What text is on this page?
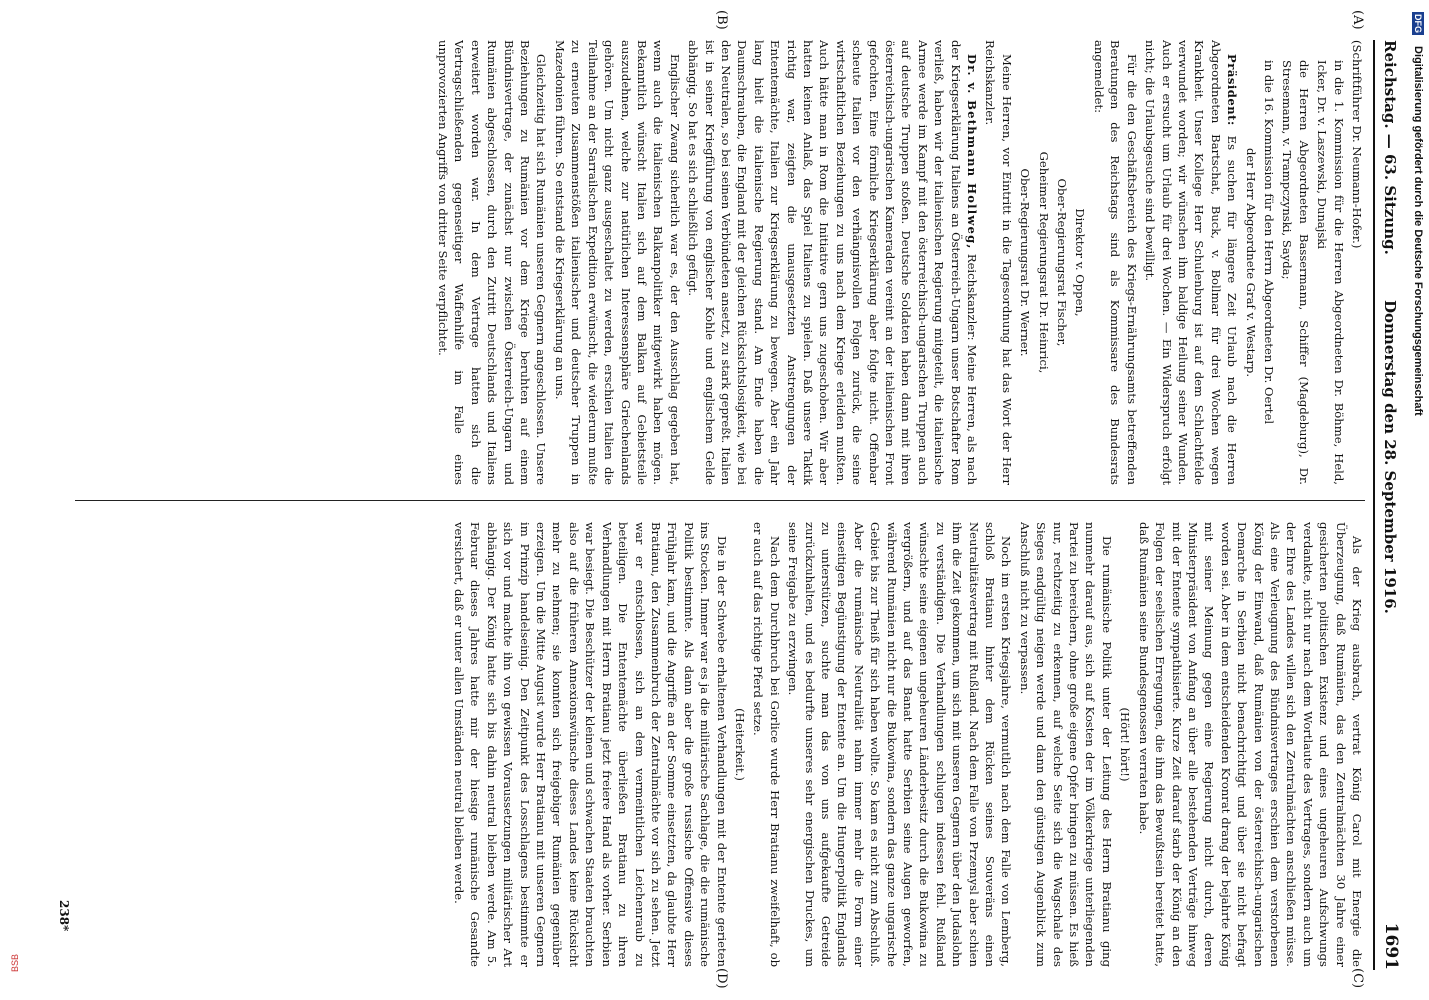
Reichstag. — 63. Sitzung.
Donnerstag den 28. September 1916.
1691
(A)
(B)
(C)
(D)

(Schriftführer Dr. Neumann-Hofer.)

in die 1. Kommission für die Herren Abgeordneten Dr. Böhme, Held, Icker, Dr. v. Laszewski, Dunajski

die Herren Abgeordneten Bassermann, Schiffer (Magdeburg), Dr. Stresemann, v. Trampczynski, Sayda;

in die 16. Kommission für den Herrn Abgeordneten Dr. Oertel

der Herr Abgeordnete Graf v. Westarp.

Präsident: Es suchen für längere Zeit Urlaub nach die Herren Abgeordneten Bartschat, Buck, v. Bollmar für drei Wochen wegen Krankheit. Unser Kollege Herr Schulenburg ist auf dem Schlachtfelde verwundet worden; wir wünschen ihm baldige Heilung seiner Wunden. Auch er ersucht um Urlaub für drei Wochen. — Ein Widerspruch erfolgt nicht; die Urlaubsgesuche sind bewilligt.

Für die den Geschäftsbereich des Kriegs-Ernährungsamts betreffenden Beratungen des Reichstags sind als Kommissare des Bundesrats angemeldet:

Direktor v. Oppen,

Ober-Regierungsrat Fischer,

Geheimer Regierungsrat Dr. Heinrici,

Ober-Regierungsrat Dr. Werner.

Meine Herren, vor Eintritt in die Tagesordnung hat das Wort der Herr Reichskanzler.

Dr. v. Bethmann Hollweg, Reichskanzler: Meine Herren, als nach der Kriegserklärung Italiens an Österreich-Ungarn unser Botschafter Rom verließ, haben wir der italienischen Regierung mitgeteilt, die italienische Armee werde im Kampf mit den österreichisch-ungarischen Truppen auch auf deutsche Truppen stoßen. Deutsche Soldaten haben dann mit ihren österreichisch-ungarischen Kameraden vereint an der italienischen Front gefochten. Eine förmliche Kriegserklärung aber folgte nicht. Offenbar scheute Italien vor den verhängnisvollen Folgen zurück, die seine wirtschaftlichen Beziehungen zu uns nach dem Kriege erleiden mußten. Auch hätte man in Rom die Initiative gern uns zugeschoben. Wir aber hatten keinen Anlaß, das Spiel Italiens zu spielen. Daß unsere Taktik richtig war, zeigten die unausgesetzten Anstrengungen der Ententemächte, Italien zur Kriegserklärung zu bewegen. Aber ein Jahr lang hielt die italienische Regierung stand. Am Ende haben die Daumschrauben, die England mit der gleichen Rücksichtslosigkeit, wie bei den Neutralen, so bei seinen Verbündeten ansetzt, zu stark gepreßt. Italien ist in seiner Kriegführung von englischer Kohle und englischem Gelde abhängig. So hat es sich schließlich gefügt.

Englischer Zwang sicherlich war es, der den Ausschlag gegeben hat, wenn auch die italienischen Balkanpolitiker mitgewirkt haben mögen. Bekanntlich wünscht Italien sich auf dem Balkan auf Gebietsteile auszudehnen, welche zur natürlichen Interessensphäre Griechenlands gehören. Um nicht ganz ausgeschaltet zu werden, erschien Italien die Teilnahme an der Sarrailschen Expedition erwünscht, die wiederum mußte zu erneuten Zusammenstößen italienischer und deutscher Truppen in Mazedonien führen. So entstand die Kriegserklärung an uns.

Gleichzeitig hat sich Rumänien unseren Gegnern angeschlossen. Unsere Beziehungen zu Rumänien vor dem Kriege beruhten auf einem Bündnisvertrage, der zunächst nur zwischen Österreich-Ungarn und Rumänien abgeschlossen, durch den Zutritt Deutschlands und Italiens erweitert worden war. In dem Vertrage hatten sich die Vertragschließenden gegenseitiger Waffenhilfe im Falle eines unprovozierten Angriffs von dritter Seite verpflichtet.

Als der Krieg ausbrach, vertrat König Carol mit Energie die Überzeugung, daß Rumänien, das den Zentralmächten 30 Jahre einer gesicherten politischen Existenz und eines ungeheuren Aufschwungs verdankte, nicht nur nach dem Wortlaute des Vertrages, sondern auch um der Ehre des Landes willen sich den Zentralmächten anschließen müsse. Als eine Verleugnung des Bündnisvertrages erschien dem verstorbenen König der Einwand, daß Rumänien von der österreichisch-ungarischen Demarche in Serbien nicht benachrichtigt und über sie nicht befragt worden sei. Aber in dem entscheidenden Kronrat drang der bejahrte König mit seiner Meinung gegen eine Regierung nicht durch, deren Ministerpräsident von Anfang an über alle bestehenden Verträge hinweg mit der Entente sympathisierte. Kurze Zeit darauf starb der König an den Folgen der seelischen Erregungen, die ihm das Bewußtsein bereitet hatte, daß Rumänien seine Bundesgenossen verraten habe.

(Hört! hört!)

Die rumänische Politik unter der Leitung des Herrn Bratianu ging nunmehr darauf aus, sich auf Kosten der im Völkerkriege unterliegenden Partei zu bereichern, ohne große eigene Opfer bringen zu müssen. Es hieß nur, rechtzeitig zu erkennen, auf welche Seite sich die Wagschale des Sieges endgültig neigen werde und dann den günstigen Augenblick zum Anschluß nicht zu verpassen.

Noch im ersten Kriegsjahre, vermutlich nach dem Falle von Lemberg, schloß Bratianu hinter dem Rücken seines Souveräns einen Neutralitätsvertrag mit Rußland. Nach dem Falle von Przemysl aber schien ihm die Zeit gekommen, um sich mit unseren Gegnern über den Judaslohn zu verständigen. Die Verhandlungen schlugen indessen fehl. Rußland wünschte seine eigenen ungeheuren Länderbesitz durch die Bukowina zu vergrößern, und auf das Banat hatte Serbien seine Augen geworfen, während Rumänien nicht nur die Bukowina, sondern das ganze ungarische Gebiet bis zur Theiß für sich haben wollte. So kam es nicht zum Abschluß. Aber die rumänische Neutralität nahm immer mehr die Form einer einseitigen Begünstigung der Entente an. Um die Hungerpolitik Englands zu unterstützen, suchte man das von uns aufgekaufte Getreide zurückzuhalten, und es bedurfte unseres sehr energischen Druckes, um seine Freigabe zu erzwingen.

Nach dem Durchbruch bei Gorlice wurde Herr Bratianu zweifelhaft, ob er auch auf das richtige Pferd setze.

(Heiterkeit.)

Die in der Schwebe erhaltenen Verhandlungen mit der Entente gerieten ins Stocken. Immer war es ja die militärische Sachlage, die die rumänische Politik bestimmte. Als dann aber die große russische Offensive dieses Frühjahr kam, und die Angriffe an der Somme einsetzten, da glaubte Herr Bratianu, den Zusammenbruch der Zentralmächte vor sich zu sehen. Jetzt war er entschlossen, sich an dem vermeintlichen Leichenraub zu beteiligen. Die Ententemächte überließen Bratianu zu ihren Verhandlungen mit Herrn Bratianu jetzt freiere Hand als vorher. Serbien war besiegt. Die Beschützer der kleinen und schwachen Staaten brauchten also auf die früheren Annexionswünsche dieses Landes keine Rücksicht mehr zu nehmen; sie konnten sich freigebiger Rumänien gegenüber erzeigen. Um die Mitte August wurde Herr Bratianu mit unseren Gegnern im Prinzip handelseinig. Den Zeitpunkt des Losschlagens bestimmte er sich vor und machte ihn von gewissen Voraussetzungen militärischer Art abhängig. Der König hatte sich bis dahin neutral bleiben werde. Am 5. Februar dieses Jahres hatte mir der hiesige rumänische Gesandte versichert, daß er unter allen Umständen neutral bleiben werde.

238*
DFG
Digitalisierung gefördert durch die Deutsche Forschungsgemeinschaft
BSB
